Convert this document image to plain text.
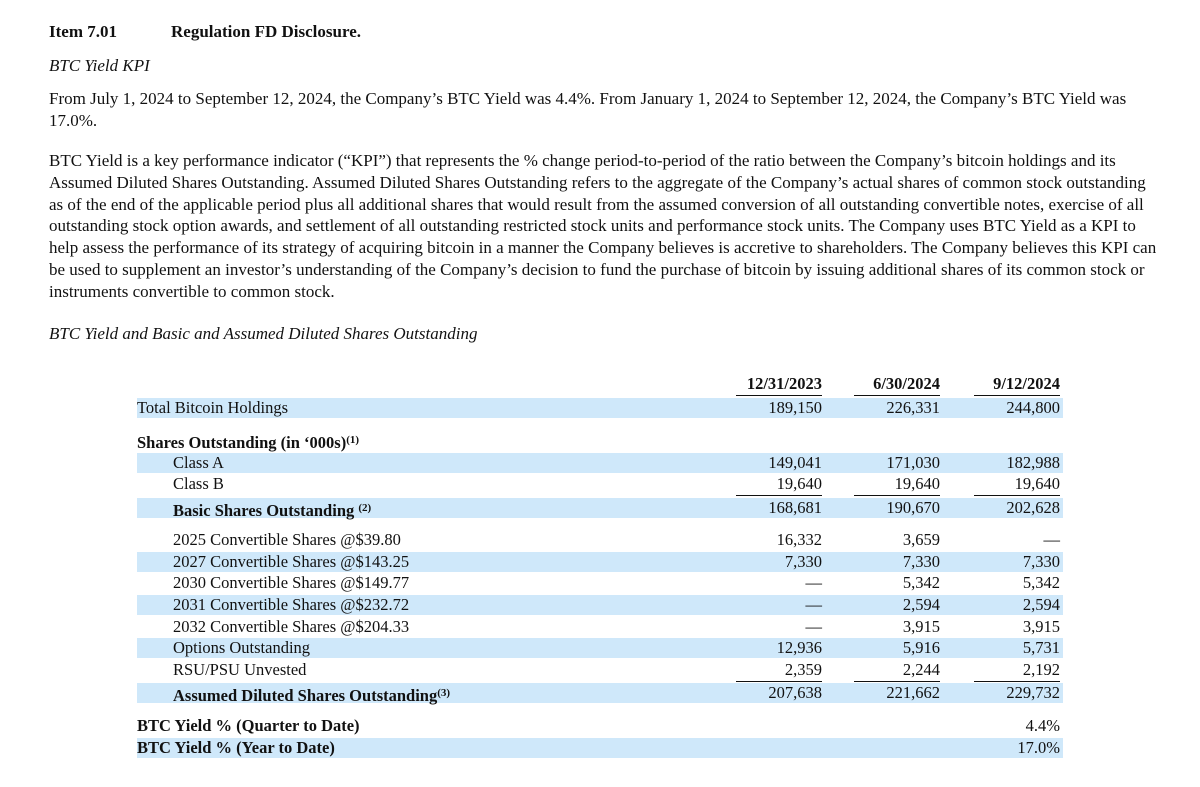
Item 7.01	Regulation FD Disclosure.
BTC Yield KPI

From July 1, 2024 to September 12, 2024, the Company’s BTC Yield was 4.4%. From January 1, 2024 to September 12, 2024, the Company’s BTC Yield was 17.0%.

BTC Yield is a key performance indicator (“KPI”) that represents the % change period-to-period of the ratio between the Company’s bitcoin holdings and its Assumed Diluted Shares Outstanding. Assumed Diluted Shares Outstanding refers to the aggregate of the Company’s actual shares of common stock outstanding as of the end of the applicable period plus all additional shares that would result from the assumed conversion of all outstanding convertible notes, exercise of all outstanding stock option awards, and settlement of all outstanding restricted stock units and performance stock units. The Company uses BTC Yield as a KPI to help assess the performance of its strategy of acquiring bitcoin in a manner the Company believes is accretive to shareholders. The Company believes this KPI can be used to supplement an investor’s understanding of the Company’s decision to fund the purchase of bitcoin by issuing additional shares of its common stock or instruments convertible to common stock.

BTC Yield and Basic and Assumed Diluted Shares Outstanding
12/31/2023	6/30/2024	9/12/2024
Total Bitcoin Holdings	189,150	226,331	244,800
Shares Outstanding (in ‘000s)$^{(1)}$
Class A	149,041	171,030	182,988
Class B	19,640	19,640	19,640
Basic Shares Outstanding $^{(2)}$	168,681	190,670	202,628
2025 Convertible Shares @$39.80	16,332	3,659	—
2027 Convertible Shares @$143.25	7,330	7,330	7,330
2030 Convertible Shares @$149.77	—	5,342	5,342
2031 Convertible Shares @$232.72	—	2,594	2,594
2032 Convertible Shares @$204.33	—	3,915	3,915
Options Outstanding	12,936	5,916	5,731
RSU/PSU Unvested	2,359	2,244	2,192
Assumed Diluted Shares Outstanding$^{(3)}$	207,638	221,662	229,732
BTC Yield % (Quarter to Date)	4.4%
BTC Yield % (Year to Date)	17.0%
